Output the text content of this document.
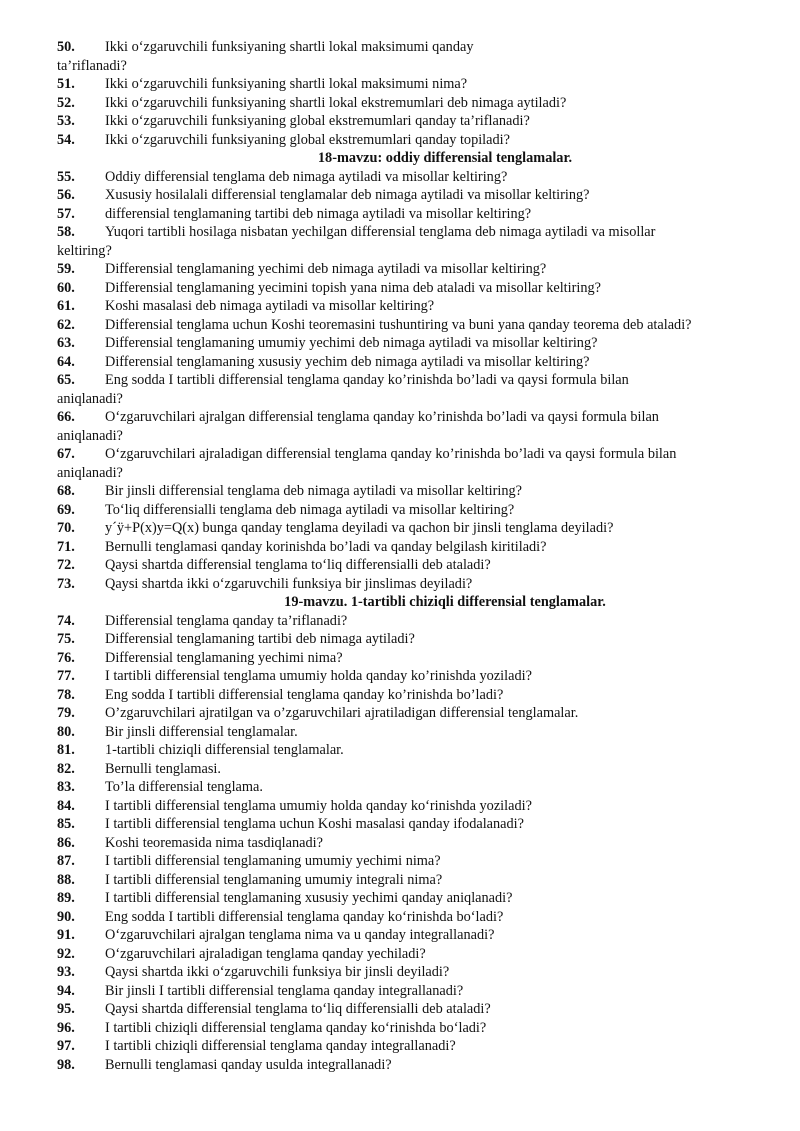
50.	Ikki o‘zgaruvchili funksiyaning shartli lokal maksimumi qanday
ta’riflanadi?
51.	Ikki o‘zgaruvchili funksiyaning shartli lokal maksimumi nima?
52.	Ikki o‘zgaruvchili funksiyaning shartli lokal ekstremumlari deb nimaga aytiladi?
53.	Ikki o‘zgaruvchili funksiyaning global ekstremumlari qanday ta’riflanadi?
54.	Ikki o‘zgaruvchili funksiyaning global ekstremumlari qanday topiladi?
18-mavzu: oddiy differensial tenglamalar.
55.	Oddiy differensial tenglama deb nimaga aytiladi va misollar keltiring?
56.	Xususiy hosilalali differensial tenglamalar deb nimaga aytiladi va misollar keltiring?
57.	differensial tenglamaning tartibi deb nimaga aytiladi va misollar keltiring?
58.	Yuqori tartibli hosilaga nisbatan yechilgan differensial tenglama deb nimaga aytiladi va misollar
keltiring?
59.	Differensial tenglamaning yechimi deb nimaga aytiladi va misollar keltiring?
60.	Differensial tenglamaning yecimini topish yana nima deb ataladi va misollar keltiring?
61.	Koshi masalasi deb nimaga aytiladi va misollar keltiring?
62.	Differensial tenglama uchun Koshi teoremasini tushuntiring va buni yana qanday teorema deb ataladi?
63.	Differensial tenglamaning umumiy yechimi deb nimaga aytiladi va misollar keltiring?
64.	Differensial tenglamaning xususiy yechim deb nimaga aytiladi va misollar keltiring?
65.	Eng sodda I tartibli differensial tenglama qanday ko’rinishda bo’ladi va qaysi formula bilan
aniqlanadi?
66.	O‘zgaruvchilari ajralgan differensial tenglama qanday ko’rinishda bo’ladi va qaysi formula bilan
aniqlanadi?
67.	O‘zgaruvchilari ajraladigan differensial tenglama qanday ko’rinishda bo’ladi va qaysi formula bilan
aniqlanadi?
68.	Bir jinsli differensial tenglama deb nimaga aytiladi va misollar keltiring?
69.	To‘liq differensialli tenglama deb nimaga aytiladi va misollar keltiring?
70.	y´ÿ+P(x)y=Q(x) bunga qanday tenglama deyiladi va qachon bir jinsli tenglama deyiladi?
71.	Bernulli tenglamasi qanday korinishda bo’ladi va qanday belgilash kiritiladi?
72.	Qaysi shartda differensial tenglama to‘liq differensialli deb ataladi?
73.	Qaysi shartda ikki o‘zgaruvchili funksiya bir jinslimas deyiladi?
19-mavzu. 1-tartibli chiziqli differensial tenglamalar.
74.	Differensial tenglama qanday ta’riflanadi?
75.	Differensial tenglamaning tartibi deb nimaga aytiladi?
76.	Differensial tenglamaning yechimi nima?
77.	I tartibli differensial tenglama umumiy holda qanday ko’rinishda yoziladi?
78.	Eng sodda I tartibli differensial tenglama qanday ko’rinishda bo’ladi?
79.	O’zgaruvchilari ajratilgan va o’zgaruvchilari ajratiladigan differensial tenglamalar.
80.	Bir jinsli differensial tenglamalar.
81.	1-tartibli chiziqli differensial tenglamalar.
82.	Bernulli tenglamasi.
83.	To’la differensial tenglama.
84.	I tartibli differensial tenglama umumiy holda qanday ko‘rinishda yoziladi?
85.	I tartibli differensial tenglama uchun Koshi masalasi qanday ifodalanadi?
86.	Koshi teoremasida nima tasdiqlanadi?
87.	I tartibli differensial tenglamaning umumiy yechimi nima?
88.	I tartibli differensial tenglamaning umumiy integrali nima?
89.	I tartibli differensial tenglamaning xususiy yechimi qanday aniqlanadi?
90.	Eng sodda I tartibli differensial tenglama qanday ko‘rinishda bo‘ladi?
91.	O‘zgaruvchilari ajralgan tenglama nima va u qanday integrallanadi?
92.	O‘zgaruvchilari ajraladigan tenglama qanday yechiladi?
93.	Qaysi shartda ikki o‘zgaruvchili funksiya bir jinsli deyiladi?
94.	Bir jinsli I tartibli differensial tenglama qanday integrallanadi?
95.	Qaysi shartda differensial tenglama to‘liq differensialli deb ataladi?
96.	I tartibli chiziqli differensial tenglama qanday ko‘rinishda bo‘ladi?
97.	I tartibli chiziqli differensial tenglama qanday integrallanadi?
98.	Bernulli tenglamasi qanday usulda integrallanadi?
